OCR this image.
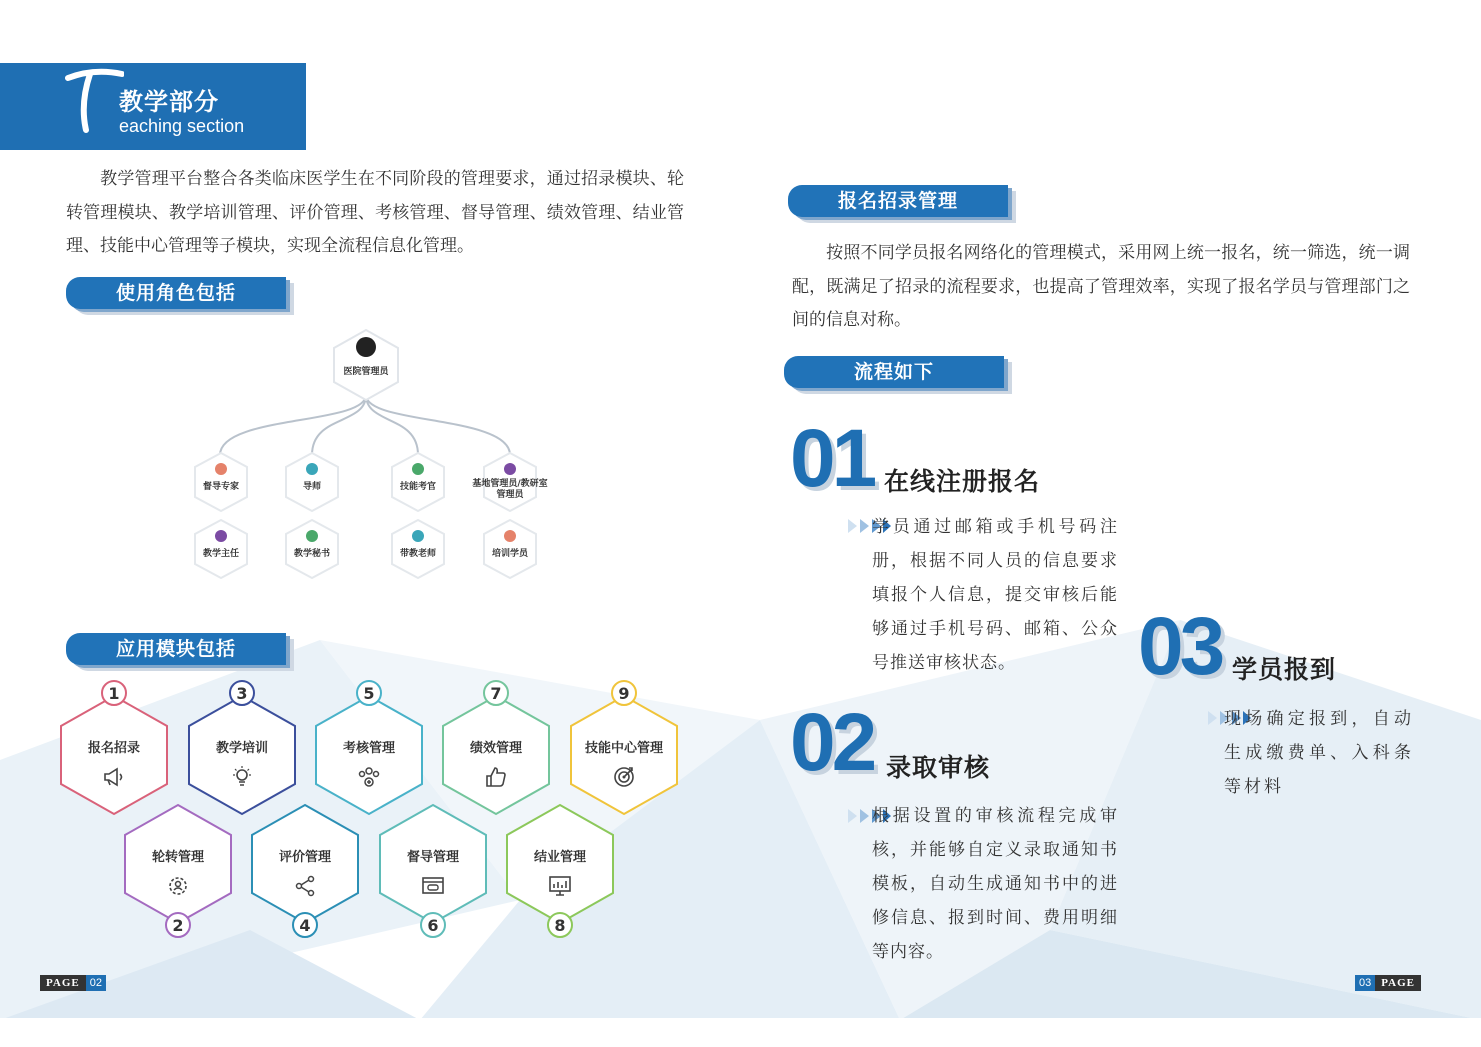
教学部分
eaching section
教学管理平台整合各类临床医学生在不同阶段的管理要求，通过招录模块、轮转管理模块、教学培训管理、评价管理、考核管理、督导管理、绩效管理、结业管理、技能中心管理等子模块，实现全流程信息化管理。
使用角色包括
医院管理员
督导专家	导师	技能考官	基地管理员/教研室管理员
教学主任	教学秘书	带教老师	培训学员
应用模块包括
报名招录
1
教学培训
3
考核管理
5
绩效管理
7
技能中心管理
9
轮转管理
2
评价管理
4
督导管理
6
结业管理
8
报名招录管理
按照不同学员报名网络化的管理模式，采用网上统一报名，统一筛选，统一调配，既满足了招录的流程要求，也提高了管理效率，实现了报名学员与管理部门之间的信息对称。
流程如下
01 在线注册报名
学员通过邮箱或手机号码注册，根据不同人员的信息要求填报个人信息，提交审核后能够通过手机号码、邮箱、公众号推送审核状态。
02 录取审核
根据设置的审核流程完成审核，并能够自定义录取通知书模板，自动生成通知书中的进修信息、报到时间、费用明细等内容。
03 学员报到
现场确定报到，自动生成缴费单、入科条等材料
PAGE 02	03 PAGE
